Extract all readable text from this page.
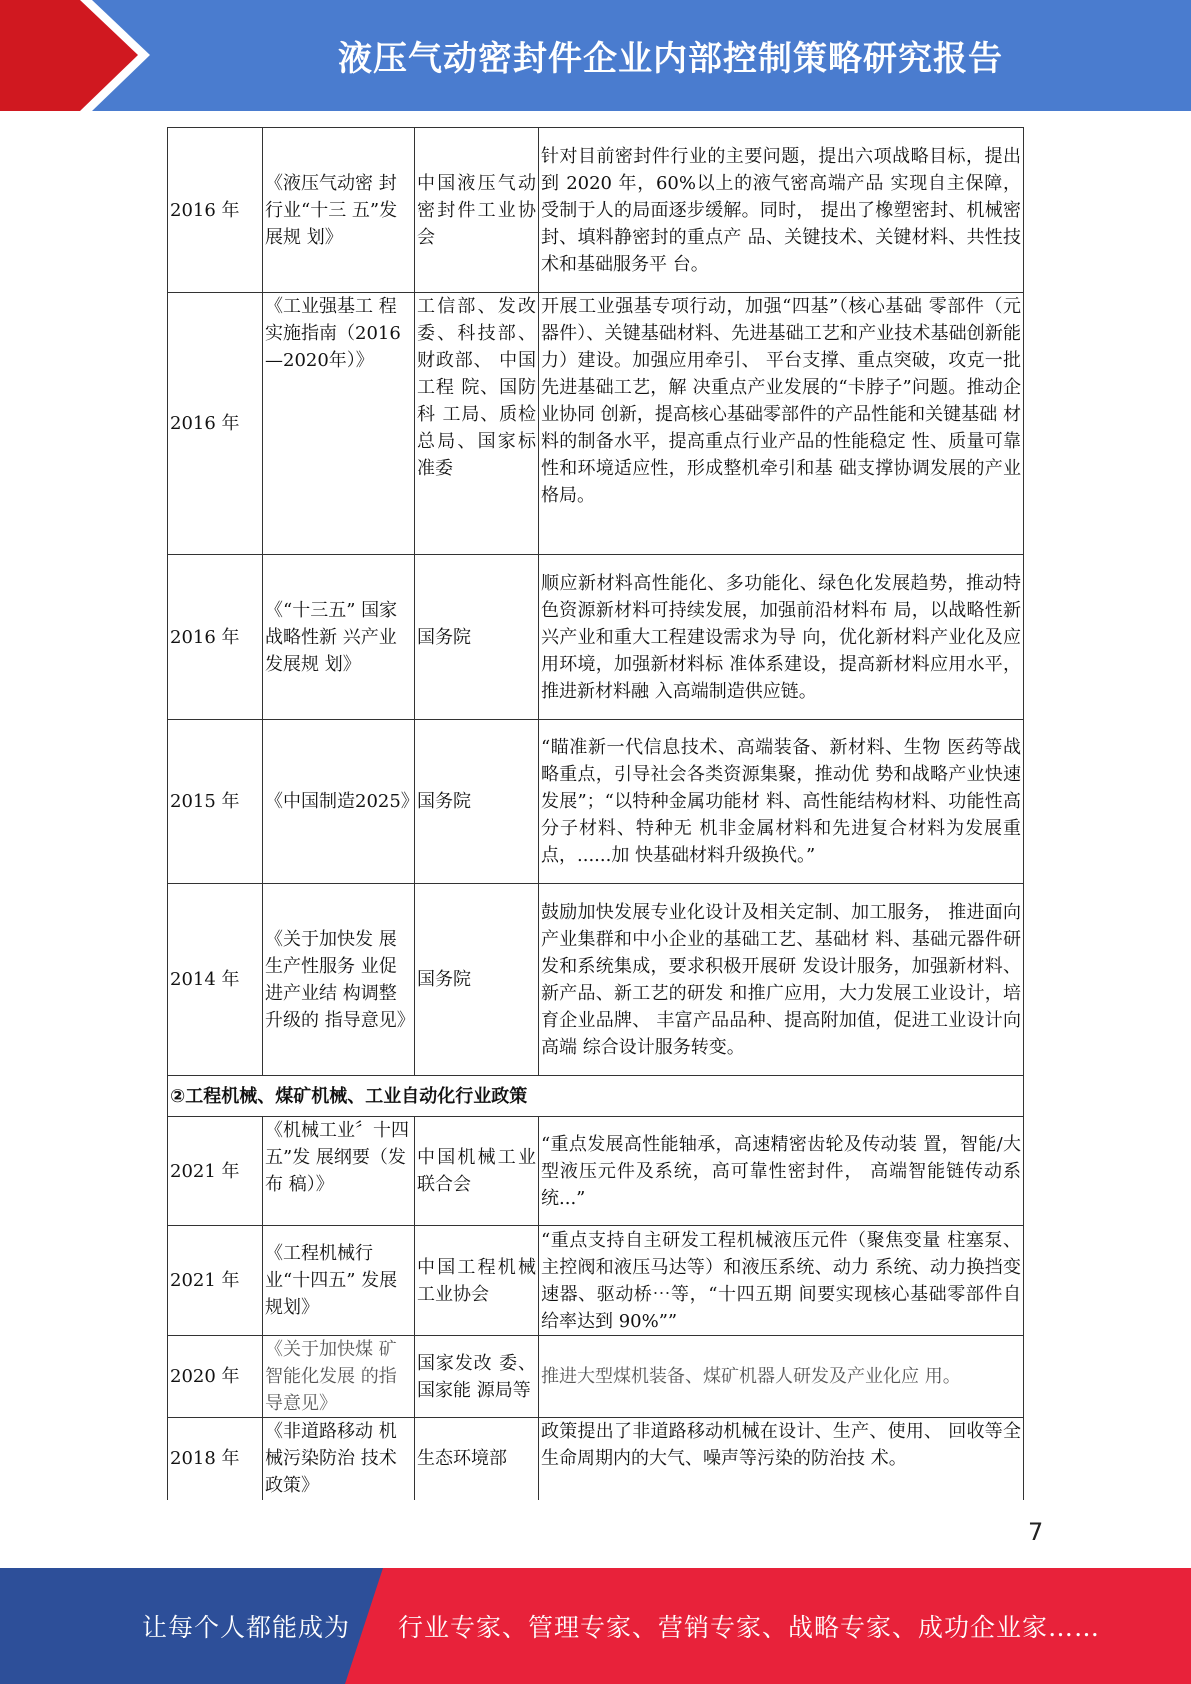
液压气动密封件企业内部控制策略研究报告
2016 年	《液压气动密 封行业“十三 五”发展规 划》	中国液压气动密封件工业协会	针对目前密封件行业的主要问题，提出六项战略目标，提出到 2020 年，60%以上的液气密高端产品 实现自主保障，受制于人的局面逐步缓解。同时， 提出了橡塑密封、机械密封、填料静密封的重点产 品、关键技术、关键材料、共性技术和基础服务平 台。
2016 年	《工业强基工 程实施指南（2016—2020年）》	工信部、发改委、科技部、财政部、 中国工程 院、国防科 工局、质检 总局、国家标准委	开展工业强基专项行动，加强“四基”（核心基础 零部件（元器件）、关键基础材料、先进基础工艺和产业技术基础创新能力）建设。加强应用牵引、 平台支撑、重点突破，攻克一批先进基础工艺，解 决重点产业发展的“卡脖子”问题。推动企业协同 创新，提高核心基础零部件的产品性能和关键基础 材料的制备水平，提高重点行业产品的性能稳定 性、质量可靠性和环境适应性，形成整机牵引和基 础支撑协调发展的产业格局。
2016 年	《“十三五” 国家战略性新 兴产业发展规 划》	国务院	顺应新材料高性能化、多功能化、绿色化发展趋势，推动特色资源新材料可持续发展，加强前沿材料布 局，以战略性新兴产业和重大工程建设需求为导 向，优化新材料产业化及应用环境，加强新材料标 准体系建设，提高新材料应用水平，推进新材料融 入高端制造供应链。
2015 年	《中国制造2025》	国务院	“瞄准新一代信息技术、高端装备、新材料、生物 医药等战略重点，引导社会各类资源集聚，推动优 势和战略产业快速发展”；“以特种金属功能材 料、高性能结构材料、功能性高分子材料、特种无 机非金属材料和先进复合材料为发展重点，......加 快基础材料升级换代。”
2014 年	《关于加快发 展生产性服务 业促进产业结 构调整升级的 指导意见》	国务院	鼓励加快发展专业化设计及相关定制、加工服务， 推进面向产业集群和中小企业的基础工艺、基础材 料、基础元器件研发和系统集成，要求积极开展研 发设计服务，加强新材料、新产品、新工艺的研发 和推广应用，大力发展工业设计，培育企业品牌、 丰富产品品种、提高附加值，促进工业设计向高端 综合设计服务转变。
②工程机械、煤矿机械、工业自动化行业政策			
2021 年	《机械工业〞十四五”发 展纲要（发布 稿）》	中国机械工业联合会	“重点发展高性能轴承，高速精密齿轮及传动装 置，智能/大型液压元件及系统，高可靠性密封件， 高端智能链传动系统...”
2021 年	《工程机械行 业“十四五” 发展规划》	中国工程机械工业协会	“重点支持自主研发工程机械液压元件（聚焦变量 柱塞泵、主控阀和液压马达等）和液压系统、动力 系统、动力换挡变速器、驱动桥⋯等，“十四五期 间要实现核心基础零部件自给率达到 90%””
2020 年	《关于加快煤 矿智能化发展 的指导意见》	国家发改 委、国家能 源局等	推进大型煤机装备、煤矿机器人研发及产业化应 用。
2018 年	《非道路移动 机械污染防治 技术政策》	生态环境部	政策提出了非道路移动机械在设计、生产、使用、 回收等全生命周期内的大气、噪声等污染的防治技 术。
7
让每个人都能成为 行业专家、管理专家、营销专家、战略专家、成功企业家……
